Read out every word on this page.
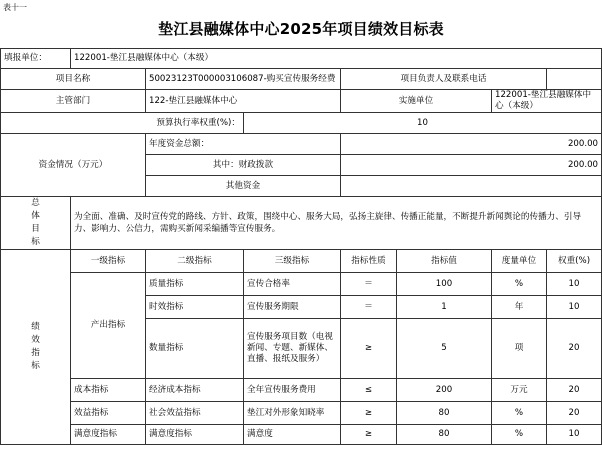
表十一
垫江县融媒体中心2025年项目绩效目标表
填报单位：	122001-垫江县融媒体中心（本级）						
项目名称		50023123T000003106087-购买宣传服务经费		项目负责人及联系电话			
主管部门		122-垫江县融媒体中心		实施单位		122001-垫江县融媒体中心（本级）	
预算执行率权重(%)：			10				
资金情况（万元）		年度资金总额：		200.00			
		其中：财政拨款		200.00			
		其他资金					
总体目标	为全面、准确、及时宣传党的路线、方针、政策，围绕中心、服务大局，弘扬主旋律、传播正能量，不断提升新闻舆论的传播力、引导力、影响力、公信力，需购买新闻采编播等宣传服务。						
绩效指标	一级指标	二级指标	三级指标	指标性质	指标值	度量单位	权重(%)
	产出指标	质量指标	宣传合格率	＝	100	%	10
		时效指标	宣传服务期限	＝	1	年	10
		数量指标	宣传服务项目数（电视新闻、专题、新媒体、直播、报纸及服务）	≥	5	项	20
	成本指标	经济成本指标	全年宣传服务费用	≤	200	万元	20
	效益指标	社会效益指标	垫江对外形象知晓率	≥	80	%	20
	满意度指标	满意度指标	满意度	≥	80	%	10
